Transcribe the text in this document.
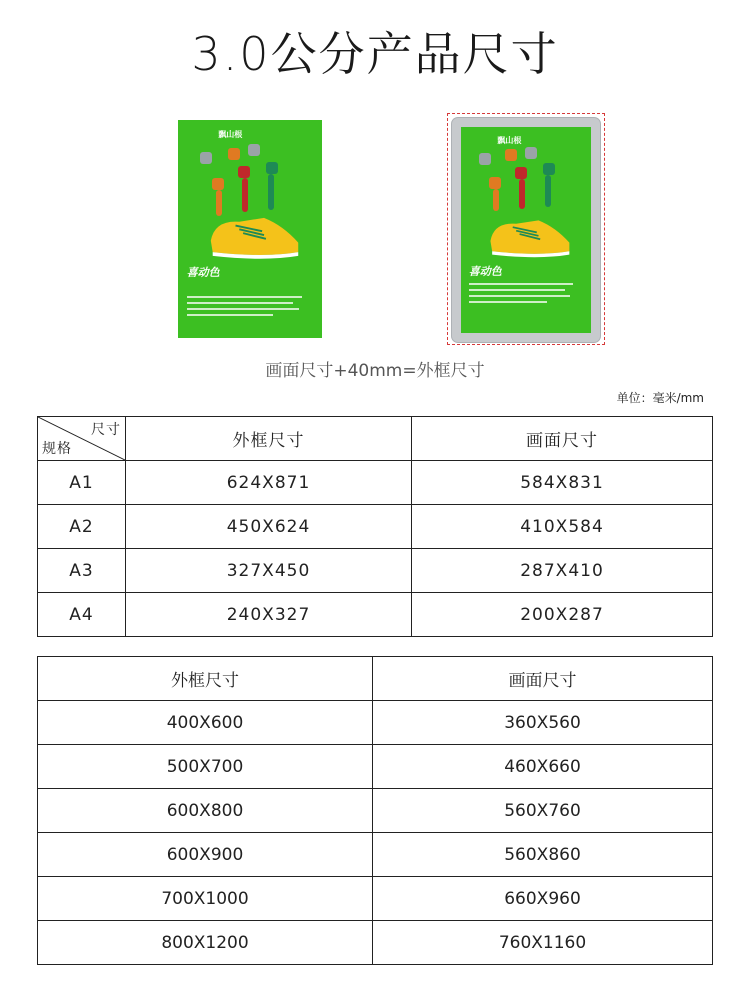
3.0公分产品尺寸
飘山根
喜动色
飘山根
喜动色
画面尺寸+40mm=外框尺寸
单位：毫米/mm
尺寸
规格	外框尺寸	画面尺寸
A1	624X871	584X831
A2	450X624	410X584
A3	327X450	287X410
A4	240X327	200X287
外框尺寸	画面尺寸
400X600	360X560
500X700	460X660
600X800	560X760
600X900	560X860
700X1000	660X960
800X1200	760X1160
